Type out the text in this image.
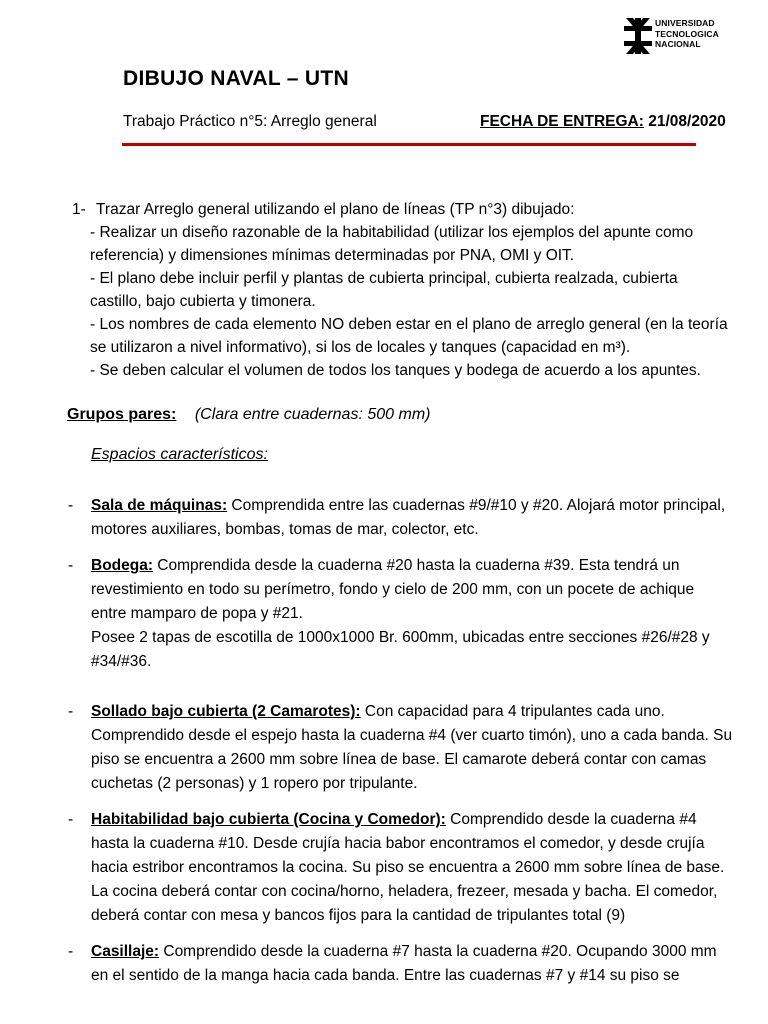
UNIVERSIDAD
TECNOLOGICA
NACIONAL
DIBUJO NAVAL – UTN
Trabajo Práctico n°5: Arreglo general	FECHA DE ENTREGA: 21/08/2020
1- Trazar Arreglo general utilizando el plano de líneas (TP n°3) dibujado:

- Realizar un diseño razonable de la habitabilidad (utilizar los ejemplos del apunte como referencia) y dimensiones mínimas determinadas por PNA, OMI y OIT.

- El plano debe incluir perfil y plantas de cubierta principal, cubierta realzada, cubierta castillo, bajo cubierta y timonera.

- Los nombres de cada elemento NO deben estar en el plano de arreglo general (en la teoría se utilizaron a nivel informativo), si los de locales y tanques (capacidad en m³).

- Se deben calcular el volumen de todos los tanques y bodega de acuerdo a los apuntes.

Grupos pares: (Clara entre cuadernas: 500 mm)
Espacios característicos:
-	Sala de máquinas: Comprendida entre las cuadernas #9/#10 y #20. Alojará motor principal, motores auxiliares, bombas, tomas de mar, colector, etc.
-	Bodega: Comprendida desde la cuaderna #20 hasta la cuaderna #39. Esta tendrá un revestimiento en todo su perímetro, fondo y cielo de 200 mm, con un pocete de achique entre mamparo de popa y #21.
Posee 2 tapas de escotilla de 1000x1000 Br. 600mm, ubicadas entre secciones #26/#28 y #34/#36.
-	Sollado bajo cubierta (2 Camarotes): Con capacidad para 4 tripulantes cada uno. Comprendido desde el espejo hasta la cuaderna #4 (ver cuarto timón), uno a cada banda. Su piso se encuentra a 2600 mm sobre línea de base. El camarote deberá contar con camas cuchetas (2 personas) y 1 ropero por tripulante.
-	Habitabilidad bajo cubierta (Cocina y Comedor): Comprendido desde la cuaderna #4 hasta la cuaderna #10. Desde crujía hacia babor encontramos el comedor, y desde crujía hacia estribor encontramos la cocina. Su piso se encuentra a 2600 mm sobre línea de base. La cocina deberá contar con cocina/horno, heladera, frezeer, mesada y bacha. El comedor, deberá contar con mesa y bancos fijos para la cantidad de tripulantes total (9)
-	Casillaje: Comprendido desde la cuaderna #7 hasta la cuaderna #20. Ocupando 3000 mm en el sentido de la manga hacia cada banda. Entre las cuadernas #7 y #14 su piso se
